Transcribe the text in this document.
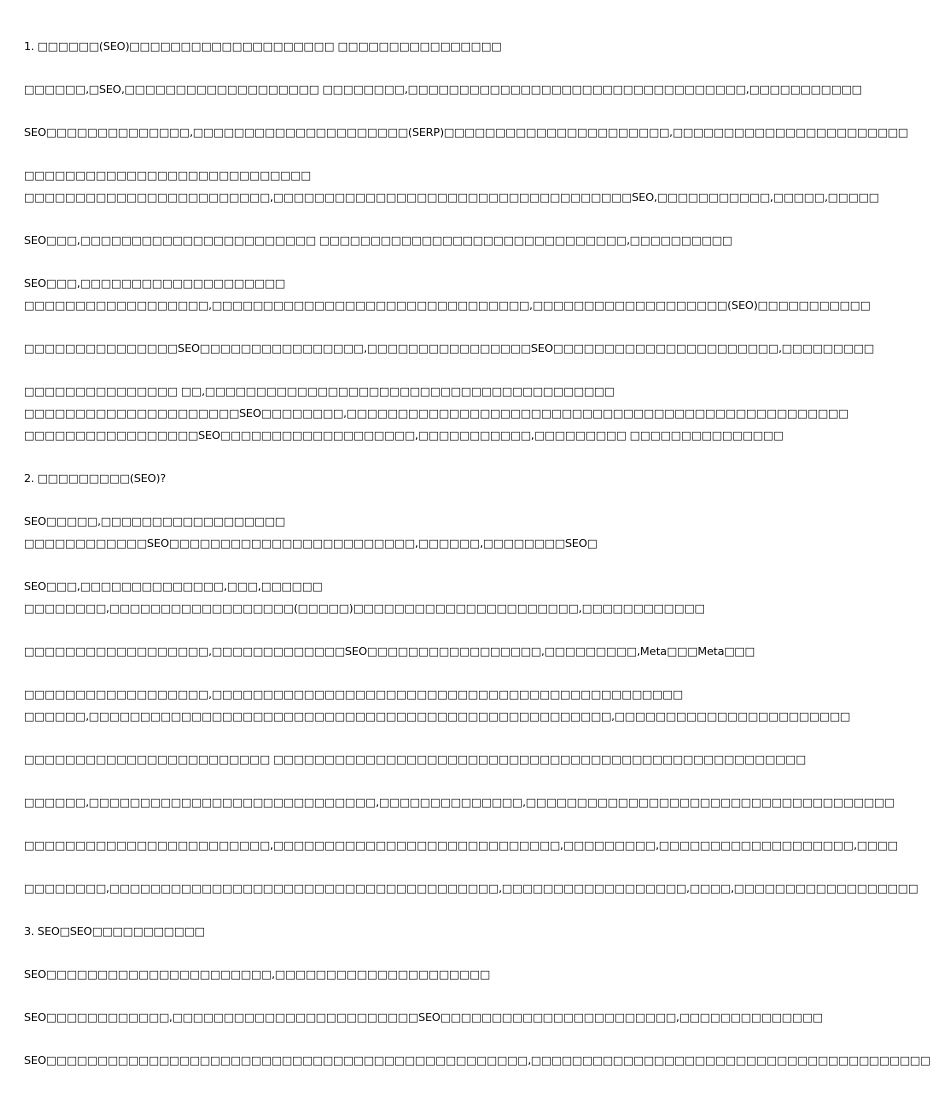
1. □□□□□□(SEO)□□□□□□□□□□□□□□□□□□□□ □□□□□□□□□□□□□□□□
□□□□□□,□SEO,□□□□□□□□□□□□□□□□□□□ □□□□□□□□,□□□□□□□□□□□□□□□□□□□□□□□□□□□□□□□□□,□□□□□□□□□□□
SEO□□□□□□□□□□□□□□,□□□□□□□□□□□□□□□□□□□□□(SERP)□□□□□□□□□□□□□□□□□□□□□□,□□□□□□□□□□□□□□□□□□□□□□□
□□□□□□□□□□□□□□□□□□□□□□□□□□□□
□□□□□□□□□□□□□□□□□□□□□□□□,□□□□□□□□□□□□□□□□□□□□□□□□□□□□□□□□□□□SEO,□□□□□□□□□□□,□□□□□,□□□□□
SEO□□□,□□□□□□□□□□□□□□□□□□□□□□□ □□□□□□□□□□□□□□□□□□□□□□□□□□□□□□,□□□□□□□□□□
SEO□□□,□□□□□□□□□□□□□□□□□□□□
□□□□□□□□□□□□□□□□□□,□□□□□□□□□□□□□□□□□□□□□□□□□□□□□□□,□□□□□□□□□□□□□□□□□□□(SEO)□□□□□□□□□□□
□□□□□□□□□□□□□□□SEO□□□□□□□□□□□□□□□□,□□□□□□□□□□□□□□□□SEO□□□□□□□□□□□□□□□□□□□□□□,□□□□□□□□□
□□□□□□□□□□□□□□□ □□,□□□□□□□□□□□□□□□□□□□□□□□□□□□□□□□□□□□□□□□□
□□□□□□□□□□□□□□□□□□□□□SEO□□□□□□□□,□□□□□□□□□□□□□□□□□□□□□□□□□□□□□□□□□□□□□□□□□□□□□□□□□
□□□□□□□□□□□□□□□□□SEO□□□□□□□□□□□□□□□□□□□,□□□□□□□□□□□,□□□□□□□□□ □□□□□□□□□□□□□□□
2. □□□□□□□□□(SEO)?
SEO□□□□□,□□□□□□□□□□□□□□□□□□
□□□□□□□□□□□□SEO□□□□□□□□□□□□□□□□□□□□□□□□,□□□□□□,□□□□□□□□SEO□
SEO□□□,□□□□□□□□□□□□□□,□□□,□□□□□□
□□□□□□□□,□□□□□□□□□□□□□□□□□□(□□□□□)□□□□□□□□□□□□□□□□□□□□□□,□□□□□□□□□□□□
□□□□□□□□□□□□□□□□□□,□□□□□□□□□□□□□SEO□□□□□□□□□□□□□□□□□,□□□□□□□□□,Meta□□□Meta□□□
□□□□□□□□□□□□□□□□□□,□□□□□□□□□□□□□□□□□□□□□□□□□□□□□□□□□□□□□□□□□□□□□□
□□□□□□,□□□□□□□□□□□□□□□□□□□□□□□□□□□□□□□□□□□□□□□□□□□□□□□□□□□,□□□□□□□□□□□□□□□□□□□□□□□
□□□□□□□□□□□□□□□□□□□□□□□□ □□□□□□□□□□□□□□□□□□□□□□□□□□□□□□□□□□□□□□□□□□□□□□□□□□□□
□□□□□□,□□□□□□□□□□□□□□□□□□□□□□□□□□□□,□□□□□□□□□□□□□□,□□□□□□□□□□□□□□□□□□□□□□□□□□□□□□□□□□□□
□□□□□□□□□□□□□□□□□□□□□□□□,□□□□□□□□□□□□□□□□□□□□□□□□□□□□,□□□□□□□□□,□□□□□□□□□□□□□□□□□□□,□□□□
□□□□□□□□,□□□□□□□□□□□□□□□□□□□□□□□□□□□□□□□□□□□□□□,□□□□□□□□□□□□□□□□□□,□□□□,□□□□□□□□□□□□□□□□□□
3. SEO□SEO□□□□□□□□□□□
SEO□□□□□□□□□□□□□□□□□□□□□□,□□□□□□□□□□□□□□□□□□□□□
SEO□□□□□□□□□□□□,□□□□□□□□□□□□□□□□□□□□□□□□SEO□□□□□□□□□□□□□□□□□□□□□□□,□□□□□□□□□□□□□□
SEO□□□□□□□□□□□□□□□□□□□□□□□□□□□□□□□□□□□□□□□□□□□□□□□,□□□□□□□□□□□□□□□□□□□□□□□□□□□□□□□□□□□□□□□
